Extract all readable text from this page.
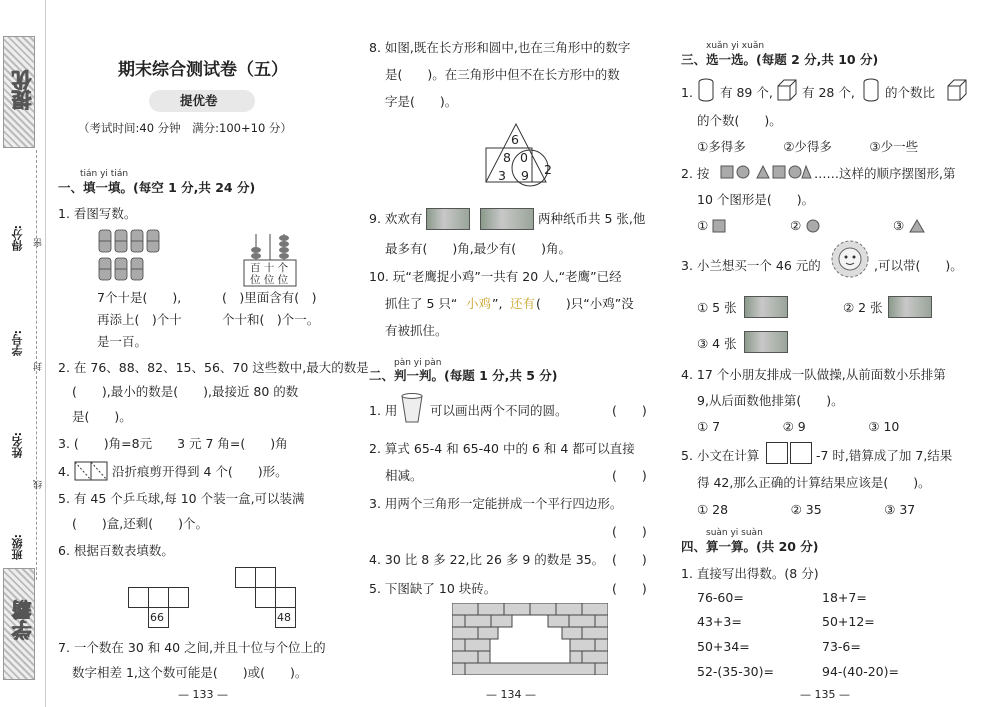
提优
得分: 密
学号:
封
姓名:
线
班级:
学霸
期末综合测试卷（五）
提优卷
（考试时间:40 分钟　满分:100+10 分）
tián yi tián
一、填一填。(每空 1 分,共 24 分)
1. 看图写数。
7个十是(　　),
再添上(　)个十
是一百。
百 十 个
位 位 位
(　)里面含有(　)
个十和(　)个一。
2. 在 76、88、82、15、56、70 这些数中,最大的数是
(　　),最小的数是(　　),最接近 80 的数
是(　　)。
3. (　　)角=8元　　3 元 7 角=(　　)角
4.	沿折痕剪开得到 4 个(　　)形。
5. 有 45 个乒乓球,每 10 个装一盒,可以装满
(　　)盒,还剩(　　)个。
6. 根据百数表填数。
66	48
7. 一个数在 30 和 40 之间,并且十位与个位上的
数字相差 1,这个数可能是(　　)或(　　)。
— 133 —
8. 如图,既在长方形和圆中,也在三角形中的数字
是(　　)。在三角形中但不在长方形中的数
字是(　　)。
6
8 0
3 9 2
9. 欢欢有	两种纸币共 5 张,他
最多有(　　)角,最少有(　　)角。
10. 玩“老鹰捉小鸡”一共有 20 人,“老鹰”已经
抓住了 5 只“ 小鸡 ”, 还有 (　　)只“小鸡”没
有被抓住。
pàn yi pàn
二、判一判。(每题 1 分,共 5 分)
1. 用	可以画出两个不同的圆。	(　　)
2. 算式 65-4 和 65-40 中的 6 和 4 都可以直接
相减。	(　　)
3. 用两个三角形一定能拼成一个平行四边形。
(　　)
4. 30 比 8 多 22,比 26 多 9 的数是 35。 (　　)
5. 下图缺了 10 块砖。	(　　)
— 134 —
xuǎn yi xuǎn
三、选一选。(每题 2 分,共 10 分)
1. 有 89 个, 有 28 个, 的个数比
的个数(　　)。
①多得多　　　②少得多　　　③少一些
2. 按	……这样的顺序摆图形,第
10 个图形是(　　)。
①	②	③
3. 小兰想买一个 46 元的	,可以带(　　)。
① 5 张	② 2 张
③ 4 张
4. 17 个小朋友排成一队做操,从前面数小乐排第
9,从后面数他排第(　　)。
① 7　　　　　② 9　　　　　③ 10
5. 小文在计算	-7 时,错算成了加 7,结果
得 42,那么正确的计算结果应该是(　　)。
① 28　　　　　② 35　　　　　③ 37
suàn yi suàn
四、算一算。(共 20 分)
1. 直接写出得数。(8 分)
76-60=	18+7=
43+3=	50+12=
50+34=	73-6=
52-(35-30)=	94-(40-20)=
— 135 —
